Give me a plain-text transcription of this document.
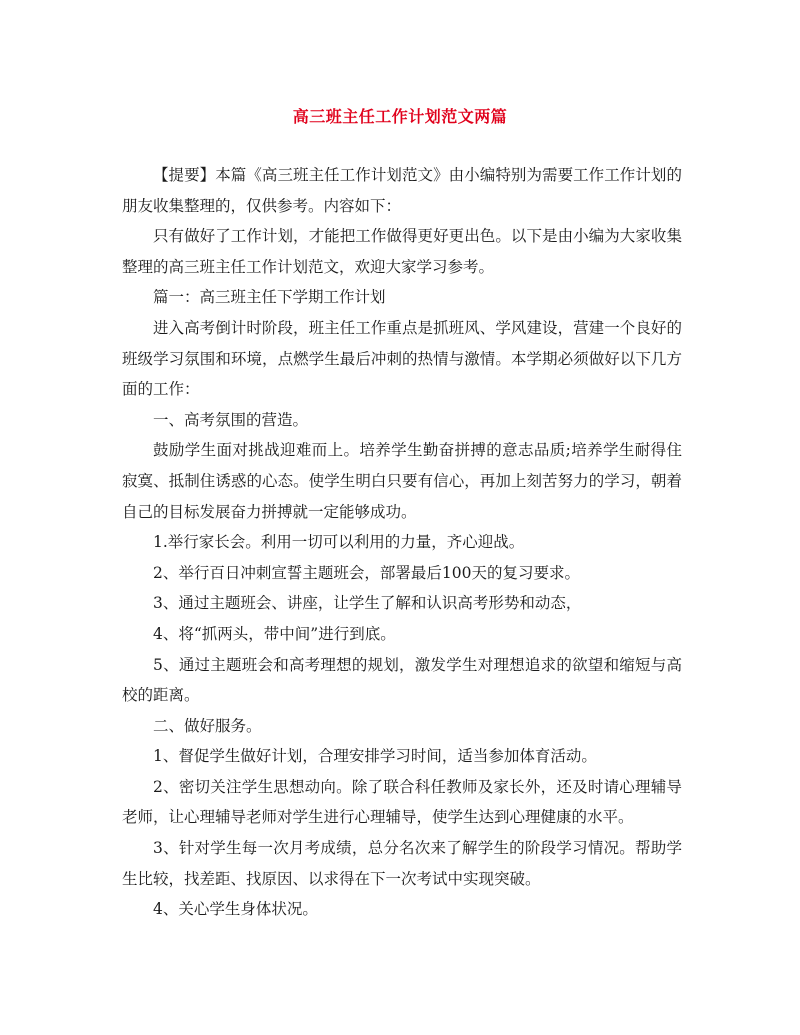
高三班主任工作计划范文两篇

【提要】本篇《高三班主任工作计划范文》由小编特别为需要工作工作计划的朋友收集整理的，仅供参考。内容如下：

只有做好了工作计划，才能把工作做得更好更出色。以下是由小编为大家收集整理的高三班主任工作计划范文，欢迎大家学习参考。

篇一：高三班主任下学期工作计划

进入高考倒计时阶段，班主任工作重点是抓班风、学风建设，营建一个良好的班级学习氛围和环境，点燃学生最后冲刺的热情与激情。本学期必须做好以下几方面的工作：

一、高考氛围的营造。

鼓励学生面对挑战迎难而上。培养学生勤奋拼搏的意志品质;培养学生耐得住寂寞、抵制住诱惑的心态。使学生明白只要有信心，再加上刻苦努力的学习，朝着自己的目标发展奋力拼搏就一定能够成功。

1.举行家长会。利用一切可以利用的力量，齐心迎战。

2、举行百日冲刺宣誓主题班会，部署最后100天的复习要求。

3、通过主题班会、讲座，让学生了解和认识高考形势和动态，

4、将“抓两头，带中间”进行到底。

5、通过主题班会和高考理想的规划，激发学生对理想追求的欲望和缩短与高校的距离。

二、做好服务。

1、督促学生做好计划，合理安排学习时间，适当参加体育活动。

2、密切关注学生思想动向。除了联合科任教师及家长外，还及时请心理辅导老师，让心理辅导老师对学生进行心理辅导，使学生达到心理健康的水平。

3、针对学生每一次月考成绩，总分名次来了解学生的阶段学习情况。帮助学生比较，找差距、找原因、以求得在下一次考试中实现突破。

4、关心学生身体状况。
